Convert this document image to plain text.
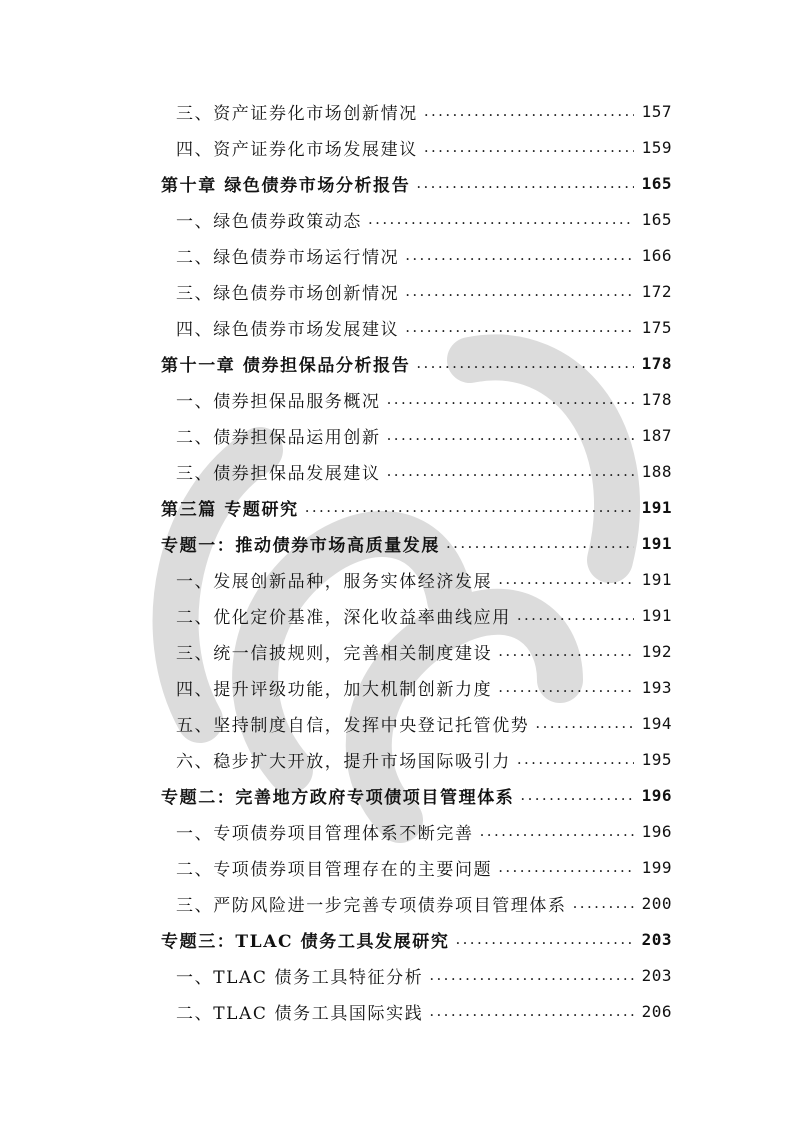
三、资产证券化市场创新情况 .....	157
四、资产证券化市场发展建议 .....	159
第十章 绿色债券市场分析报告 .....	165
一、绿色债券政策动态 .....	165
二、绿色债券市场运行情况 .....	166
三、绿色债券市场创新情况 .....	172
四、绿色债券市场发展建议 .....	175
第十一章 债券担保品分析报告 .....	178
一、债券担保品服务概况 .....	178
二、债券担保品运用创新 .....	187
三、债券担保品发展建议 .....	188
第三篇 专题研究 .....	191
专题一：推动债券市场高质量发展 .....	191
一、发展创新品种，服务实体经济发展 .....	191
二、优化定价基准，深化收益率曲线应用 .....	191
三、统一信披规则，完善相关制度建设 .....	192
四、提升评级功能，加大机制创新力度 .....	193
五、坚持制度自信，发挥中央登记托管优势 .....	194
六、稳步扩大开放，提升市场国际吸引力 .....	195
专题二：完善地方政府专项债项目管理体系 .....	196
一、专项债券项目管理体系不断完善 .....	196
二、专项债券项目管理存在的主要问题 .....	199
三、严防风险进一步完善专项债券项目管理体系 .....	200
专题三：TLAC 债务工具发展研究 .....	203
一、TLAC 债务工具特征分析 .....	203
二、TLAC 债务工具国际实践 .....	206
